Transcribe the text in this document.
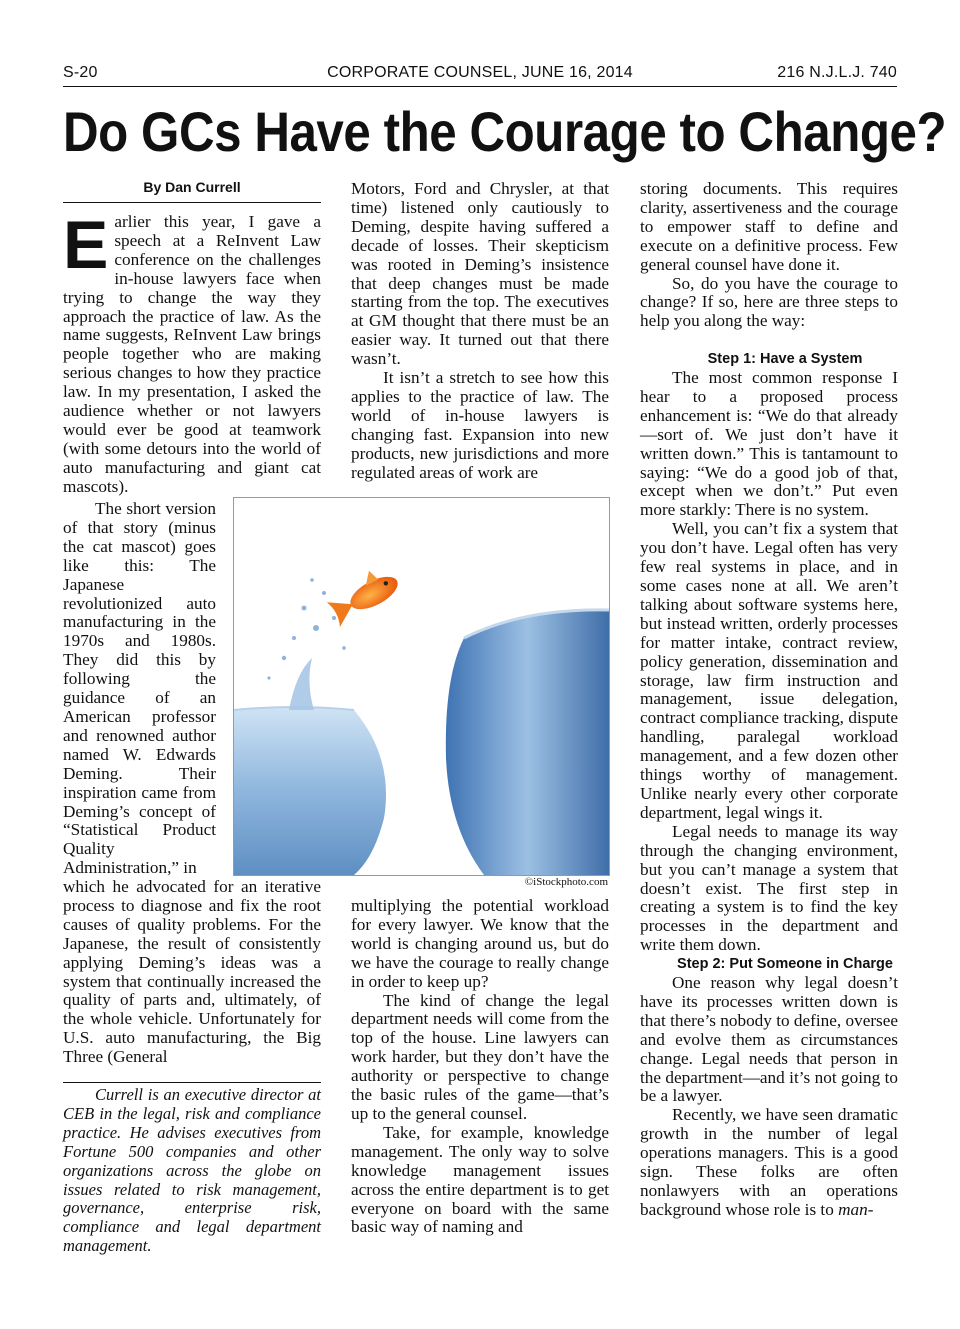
S-20	CORPORATE COUNSEL, JUNE 16, 2014	216 N.J.L.J. 740
Do GCs Have the Courage to Change?
By Dan Currell

Earlier this year, I gave a speech at a ReInvent Law conference on the challenges in-house lawyers face when trying to change the way they approach the practice of law. As the name suggests, ReInvent Law brings people together who are making serious changes to how they practice law. In my presentation, I asked the audience whether or not lawyers would ever be good at teamwork (with some detours into the world of auto manufacturing and giant cat mascots).

The short version of that story (minus the cat mascot) goes like this: The Japanese revolutionized auto manufacturing in the 1970s and 1980s. They did this by following the guidance of an American professor and renowned author named W. Edwards Deming. Their inspiration came from Deming’s concept of “Statistical Product Quality Administration,” in

which he advocated for an iterative process to diagnose and fix the root causes of quality problems. For the Japanese, the result of consistently applying Deming’s ideas was a system that continually increased the quality of parts and, ultimately, of the whole vehicle. Unfortunately for U.S. auto manufacturing, the Big Three (General

Currell is an executive director at CEB in the legal, risk and compliance practice. He advises executives from Fortune 500 companies and other organizations across the globe on issues related to risk management, governance, enterprise risk, compliance and legal department management.

Motors, Ford and Chrysler, at that time) listened only cautiously to Deming, despite having suffered a decade of losses. Their skepticism was rooted in Deming’s insistence that deep changes must be made starting from the top. The executives at GM thought that there must be an easier way. It turned out that there wasn’t.

It isn’t a stretch to see how this applies to the practice of law. The world of in-house lawyers is changing fast. Expansion into new products, new jurisdictions and more regulated areas of work are

©iStockphoto.com

multiplying the potential workload for every lawyer. We know that the world is changing around us, but do we have the courage to really change in order to keep up?

The kind of change the legal department needs will come from the top of the house. Line lawyers can work harder, but they don’t have the authority or perspective to change the basic rules of the game—that’s up to the general counsel.

Take, for example, knowledge management. The only way to solve knowledge management issues across the entire department is to get everyone on board with the same basic way of naming and

storing documents. This requires clarity, assertiveness and the courage to empower staff to define and execute on a definitive process. Few general counsel have done it.

So, do you have the courage to change? If so, here are three steps to help you along the way:

Step 1: Have a System

The most common response I hear to a proposed process enhancement is: “We do that already—sort of. We just don’t have it written down.” This is tantamount to saying: “We do a good job of that, except when we don’t.” Put even more starkly: There is no system.

Well, you can’t fix a system that you don’t have. Legal often has very few real systems in place, and in some cases none at all. We aren’t talking about software systems here, but instead written, orderly processes for matter intake, contract review, policy generation, dissemination and storage, law firm instruction and management, issue delegation, contract compliance tracking, dispute handling, paralegal workload management, and a few dozen other things worthy of management. Unlike nearly every other corporate department, legal wings it.

Legal needs to manage its way through the changing environment, but you can’t manage a system that doesn’t exist. The first step in creating a system is to find the key processes in the department and write them down.

Step 2: Put Someone in Charge

One reason why legal doesn’t have its processes written down is that there’s nobody to define, oversee and evolve them as circumstances change. Legal needs that person in the department—and it’s not going to be a lawyer.

Recently, we have seen dramatic growth in the number of legal operations managers. This is a good sign. These folks are often nonlawyers with an operations background whose role is to man-
